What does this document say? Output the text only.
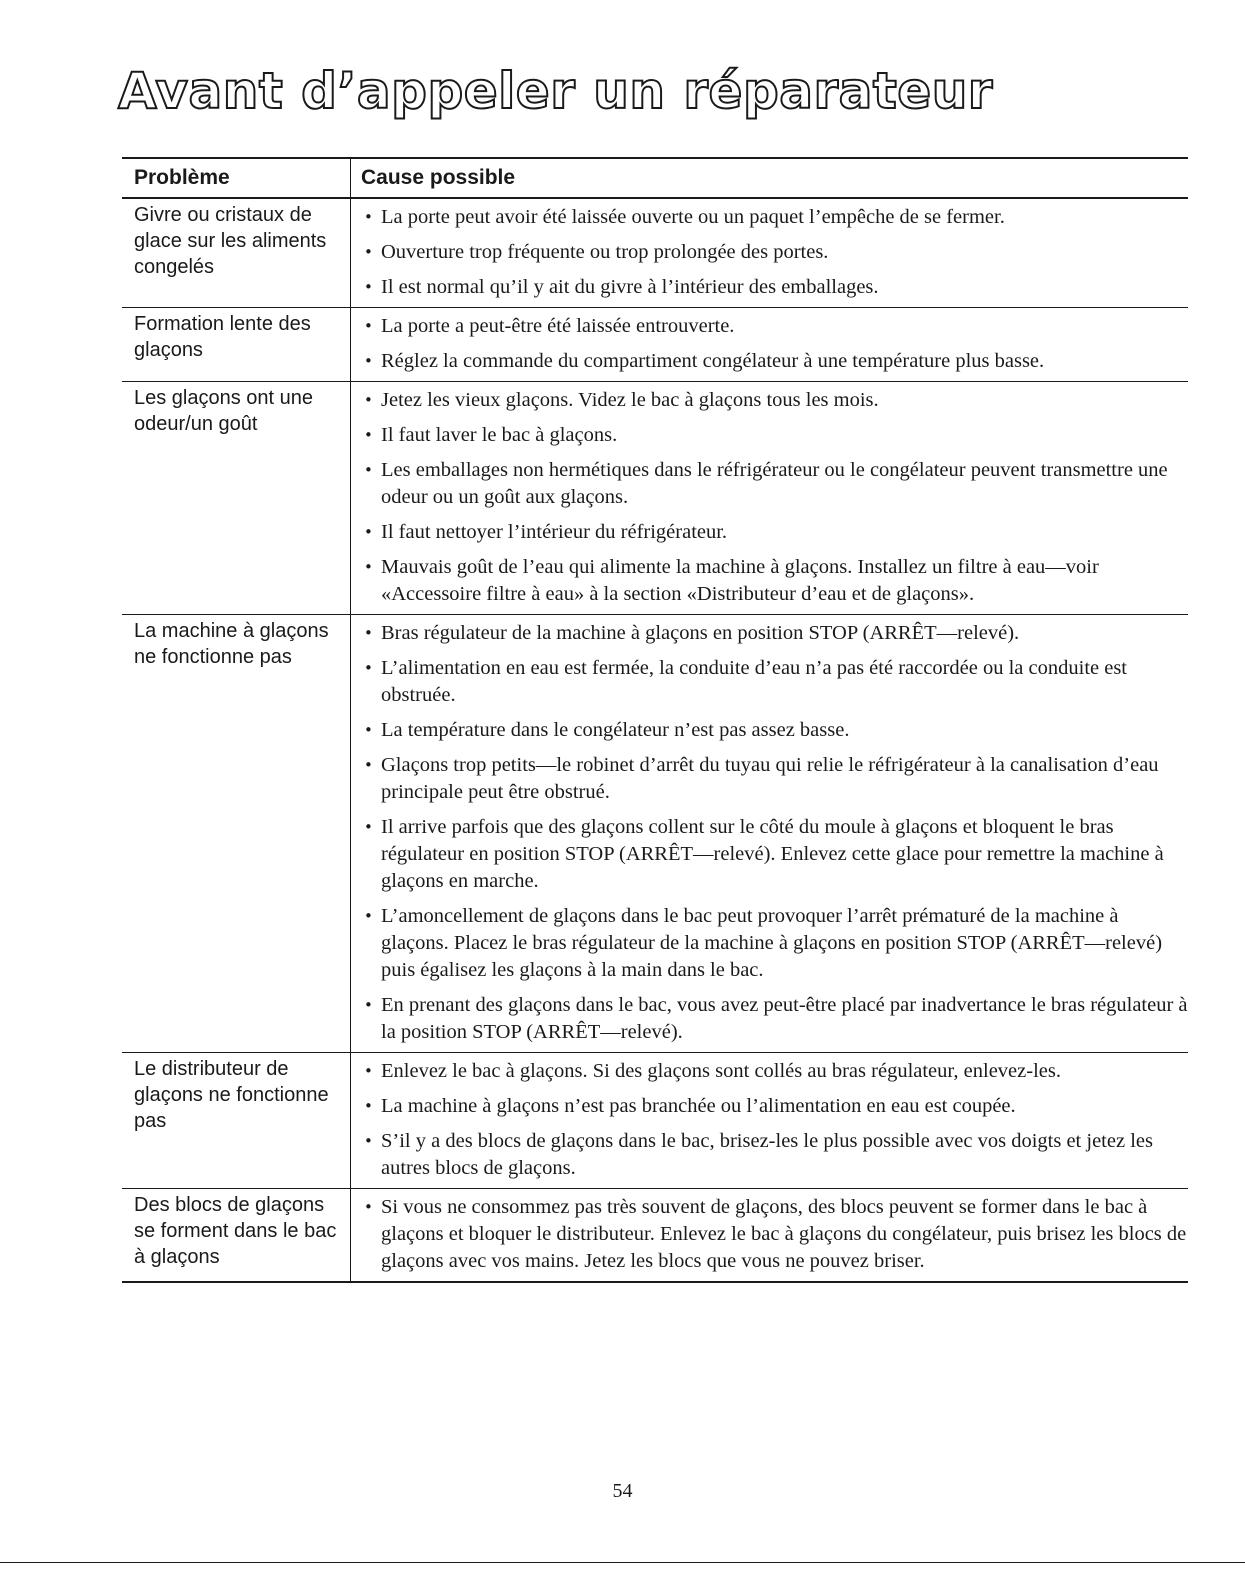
Avant d’appeler un réparateur
Problème	Cause possible
Givre ou cristaux de glace sur les aliments congelés
• La porte peut avoir été laissée ouverte ou un paquet l’empêche de se fermer.
• Ouverture trop fréquente ou trop prolongée des portes.
• Il est normal qu’il y ait du givre à l’intérieur des emballages.
Formation lente des glaçons
• La porte a peut-être été laissée entrouverte.
• Réglez la commande du compartiment congélateur à une température plus basse.
Les glaçons ont une odeur/un goût
• Jetez les vieux glaçons. Videz le bac à glaçons tous les mois.
• Il faut laver le bac à glaçons.
• Les emballages non hermétiques dans le réfrigérateur ou le congélateur peuvent transmettre une odeur ou un goût aux glaçons.
• Il faut nettoyer l’intérieur du réfrigérateur.
• Mauvais goût de l’eau qui alimente la machine à glaçons. Installez un filtre à eau—voir «Accessoire filtre à eau» à la section «Distributeur d’eau et de glaçons».
La machine à glaçons ne fonctionne pas
• Bras régulateur de la machine à glaçons en position STOP (ARRÊT—relevé).
• L’alimentation en eau est fermée, la conduite d’eau n’a pas été raccordée ou la conduite est obstruée.
• La température dans le congélateur n’est pas assez basse.
• Glaçons trop petits—le robinet d’arrêt du tuyau qui relie le réfrigérateur à la canalisation d’eau principale peut être obstrué.
• Il arrive parfois que des glaçons collent sur le côté du moule à glaçons et bloquent le bras régulateur en position STOP (ARRÊT—relevé). Enlevez cette glace pour remettre la machine à glaçons en marche.
• L’amoncellement de glaçons dans le bac peut provoquer l’arrêt prématuré de la machine à glaçons. Placez le bras régulateur de la machine à glaçons en position STOP (ARRÊT—relevé) puis égalisez les glaçons à la main dans le bac.
• En prenant des glaçons dans le bac, vous avez peut-être placé par inadvertance le bras régulateur à la position STOP (ARRÊT—relevé).
Le distributeur de glaçons ne fonctionne pas
• Enlevez le bac à glaçons. Si des glaçons sont collés au bras régulateur, enlevez-les.
• La machine à glaçons n’est pas branchée ou l’alimentation en eau est coupée.
• S’il y a des blocs de glaçons dans le bac, brisez-les le plus possible avec vos doigts et jetez les autres blocs de glaçons.
Des blocs de glaçons se forment dans le bac à glaçons
• Si vous ne consommez pas très souvent de glaçons, des blocs peuvent se former dans le bac à glaçons et bloquer le distributeur. Enlevez le bac à glaçons du congélateur, puis brisez les blocs de glaçons avec vos mains. Jetez les blocs que vous ne pouvez briser.
54
